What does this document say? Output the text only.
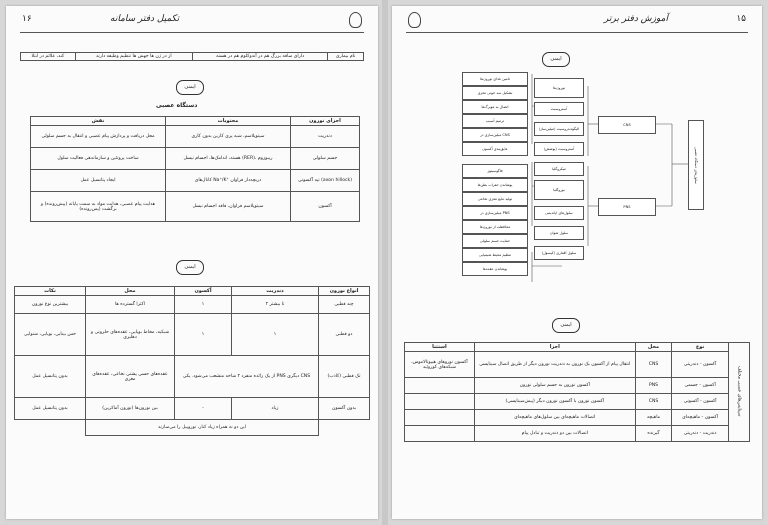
۱۶	تکمیل دفتر سامانه
کند، علائم در ابتلا	از در ژن ها جهش ها تنظیم وظیفه دارند	دارای ساقه بزرگ هم در آندوکلوم هم در هسته	نام بیماری
ایمنی
دستگاه عصبی
نقش	محتویات	اجزای نورون
محل دریافت و پردازش پیام عصبی و انتقال به جسم سلولی	سیتوپلاسم، شبه پری کارین بدون کاری	دندریت
ساخت پروتئین و سازماندهی فعالیت سلول	هسته، اندامک‌ها، اجسام نیسل (RER)، ریبوزوم	جسم سلولی
ایجاد پتانسیل عمل	کانال‌های Na⁺/K⁺ دریچه‌دار فراوان	تپه آکسونی (axon hillock)
هدایت پیام عصبی، هدایت مواد به سمت پایانه (پیش‌رونده) و برگشت (پس‌رونده)	سیتوپلاسم فراوان، فاقد اجسام نیسل	آکسون
ایمنی
نکات	محل	آکسون	دندریت	انواع نورون
بیشترین نوع نورون	اکثرا گسترده ها	۱	۲ تا بیشتر	چند قطبی
حس بینایی، بویایی، شنوایی	شبکیه، مخاط بویایی، عقده‌های حلزونی و دهلیزی	۱	۱	دو قطبی
بدون پتانسیل عمل	عقده‌های حسی پشتی نخاعی، عقده‌های مغزی	از یک زائده منفرد ۲ شاخه منشعب می‌شود. یکی PNS دیگری CNS		تک قطبی (کاذب)
بدون پتانسیل عمل	بین نورون‌ها (نورون آماکرین)	-	زیاد	بدون آکسون
	این دو نه همراه زیاد کنار، نوروپیل را می‌سازند			
آموزش دفتر برتر	۱۵
ایمنی
سلول‌های دستگاه عصبی
CNS
PNS
نورون‌ها
نوروگلیا
تامین غذای نورون‌ها
تشکیل سد خونی مغزی
اتصال به مویرگ‌ها
ترمیم آسیب
میلین‌سازی در CNS
عایق‌بندی آکسون
فاگوسیتوز
پوشاندن حفرات بطن‌ها
تولید مایع مغزی نخاعی
میلین‌سازی در PNS
محافظت از نورون‌ها
حمایت جسم سلولی
تنظیم محیط شیمیایی
پوشاندن عقده‌ها
آستروسیت
الیگودندروسیت (میلین‌ساز)
آستروسیت (پوشش)
میکروگلیا
سلول‌های اپاندیمی
سلول شوان
سلول اقماری (کپسول)
ایمنی
استثنا	اجزا	محل	نوع	سیناپس‌های عصبی مختلف
آکسون نوروهای هیپوتالاموس، شبکه‌های کوروئید	انتقال پیام از آکسون یک نورون به دندریت نورون دیگر از طریق اتصال سیناپسی	CNS	آکسون - دندریتی	
	آکسون نورون به جسم سلولی نورون	PNS	آکسون - جسمی	
	آکسون نورون با آکسون نورون دیگر (پیش‌سیناپسی)	CNS	آکسون - آکسونی	
	اتصالات ماهیچه‌ای بین سلول‌های ماهیچه‌ای	ماهیچه	آکسون - ماهیچه‌ای	
	اتصالات بین دو دندریت و تبادل پیام	گیرنده	دندریت - دندریتی	
